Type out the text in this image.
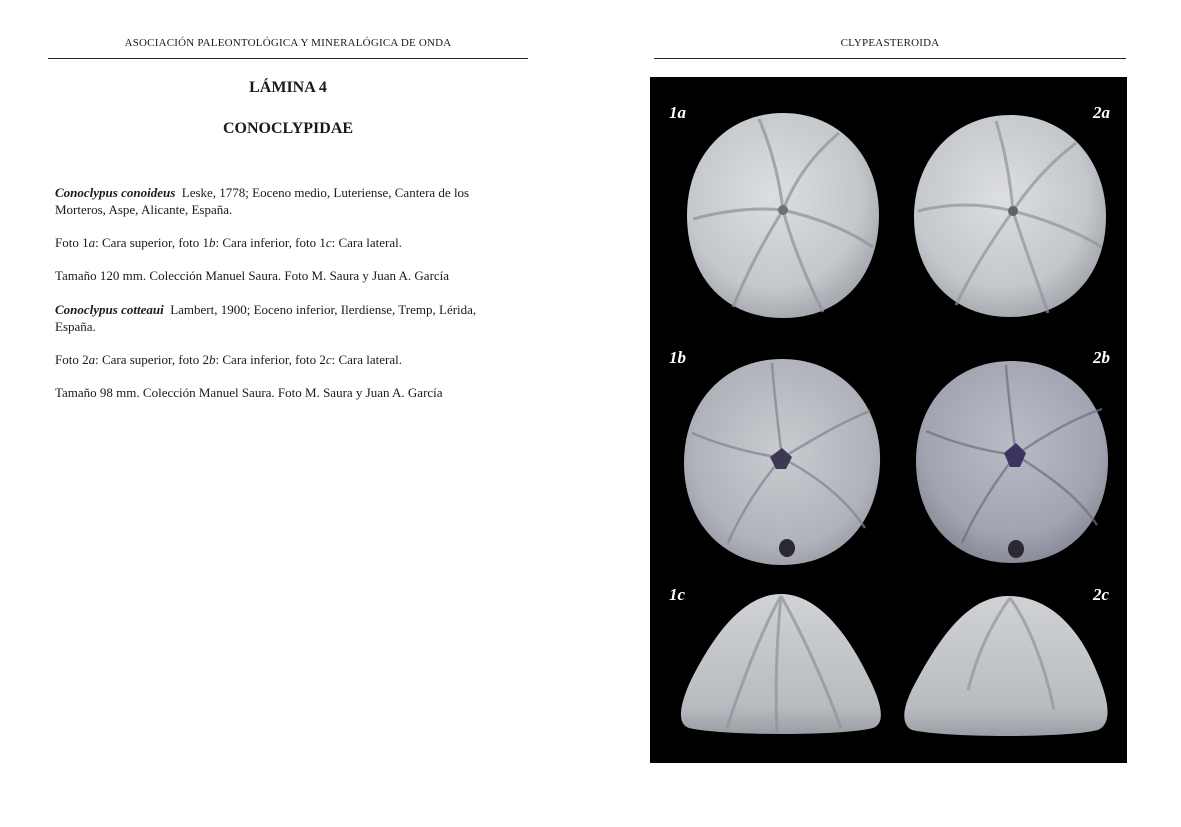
ASOCIACIÓN PALEONTOLÓGICA Y MINERALÓGICA DE ONDA
LÁMINA 4
CONOCLYPIDAE

Conoclypus conoideus Leske, 1778; Eoceno medio, Luteriense, Cantera de los Morteros, Aspe, Alicante, España.

Foto 1a: Cara superior, foto 1b: Cara inferior, foto 1c: Cara lateral.

Tamaño 120 mm. Colección Manuel Saura. Foto M. Saura y Juan A. García

Conoclypus cotteaui Lambert, 1900; Eoceno inferior, Ilerdiense, Tremp, Lérida, España.

Foto 2a: Cara superior, foto 2b: Cara inferior, foto 2c: Cara lateral.

Tamaño 98 mm. Colección Manuel Saura. Foto M. Saura y Juan A. García

CLYPEASTEROIDA
1a	2a
1b	2b
1c	2c
